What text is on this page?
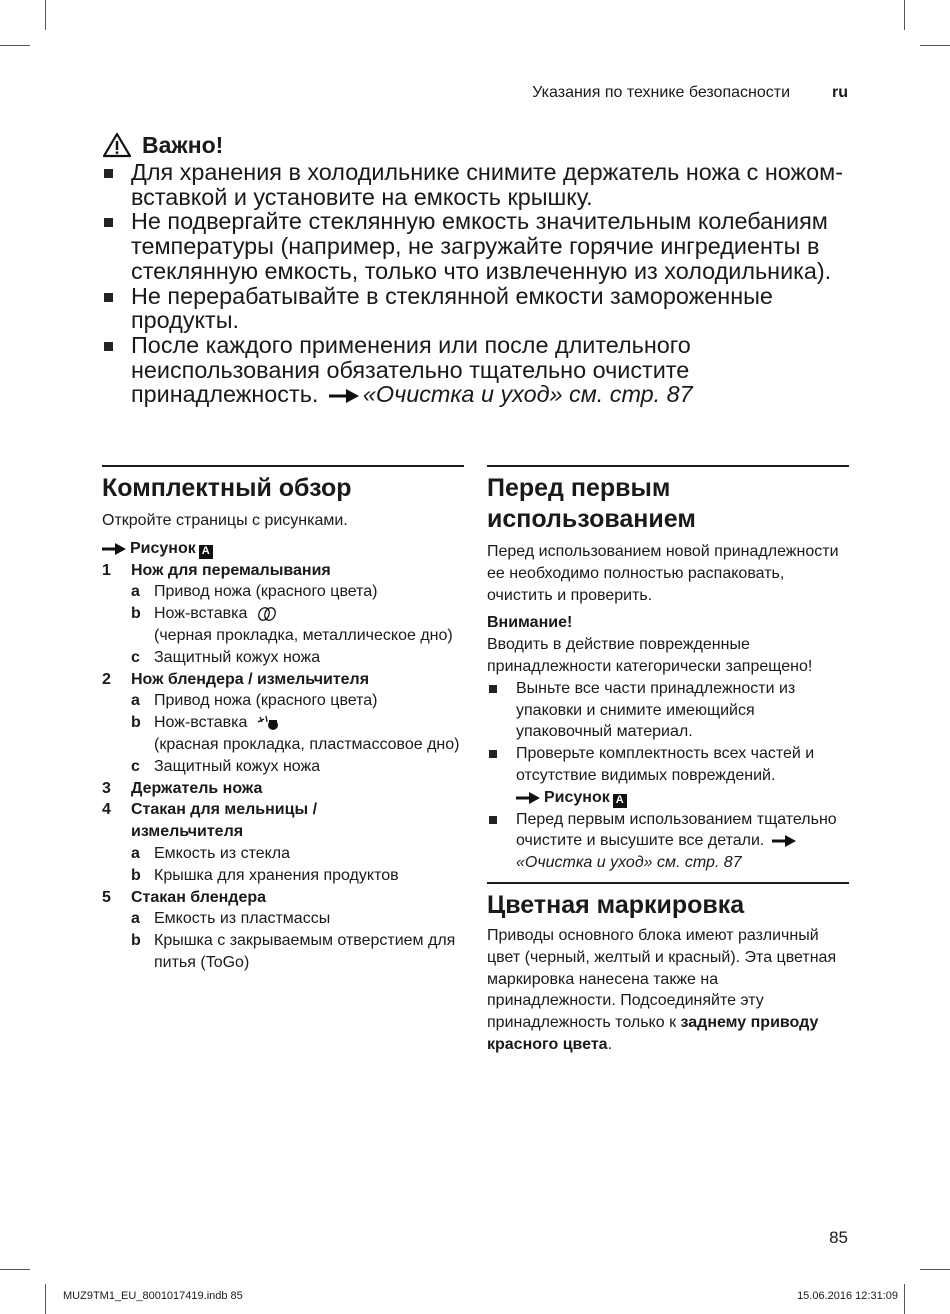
Указания по технике безопасности	ru
Важно!
Для хранения в холодильнике снимите держатель ножа с ножом-вставкой и установите на емкость крышку.
Не подвергайте стеклянную емкость значительным колебаниям температуры (например, не загружайте горячие ингредиенты в стеклянную емкость, только что извлеченную из холодильника).
Не перерабатывайте в стеклянной емкости замороженные продукты.
После каждого применения или после длительного неиспользования обязательно тщательно очистите принадлежность. «Очистка и уход» см. стр. 87
Комплектный обзор

Откройте страницы с рисунками.

Рисунок A
1	Нож для перемалывания
a Привод ножа (красного цвета)
b Нож-вставка
(черная прокладка, металлическое дно)
c Защитный кожух ножа
2	Нож блендера / измельчителя
a Привод ножа (красного цвета)
b Нож-вставка
(красная прокладка, пластмассовое дно)
c Защитный кожух ножа
3	Держатель ножа
4	Стакан для мельницы / измельчителя
a Емкость из стекла
b Крышка для хранения продуктов
5	Стакан блендера
a Емкость из пластмассы
b Крышка с закрываемым отверстием для питья (ToGo)
Перед первым использованием

Перед использованием новой принадлежности ее необходимо полностью распаковать, очистить и проверить.

Внимание!

Вводить в действие поврежденные принадлежности категорически запрещено!

Выньте все части принадлежности из упаковки и снимите имеющийся упаковочный материал.
Проверьте комплектность всех частей и отсутствие видимых повреждений.
Рисунок A
Перед первым использованием тщательно очистите и высушите все детали. «Очистка и уход» см. стр. 87
Цветная маркировка

Приводы основного блока имеют различный цвет (черный, желтый и красный). Эта цветная маркировка нанесена также на принадлежности. Подсоединяйте эту принадлежность только к заднему приводу красного цвета.

85
MUZ9TM1_EU_8001017419.indb 85	15.06.2016 12:31:09
